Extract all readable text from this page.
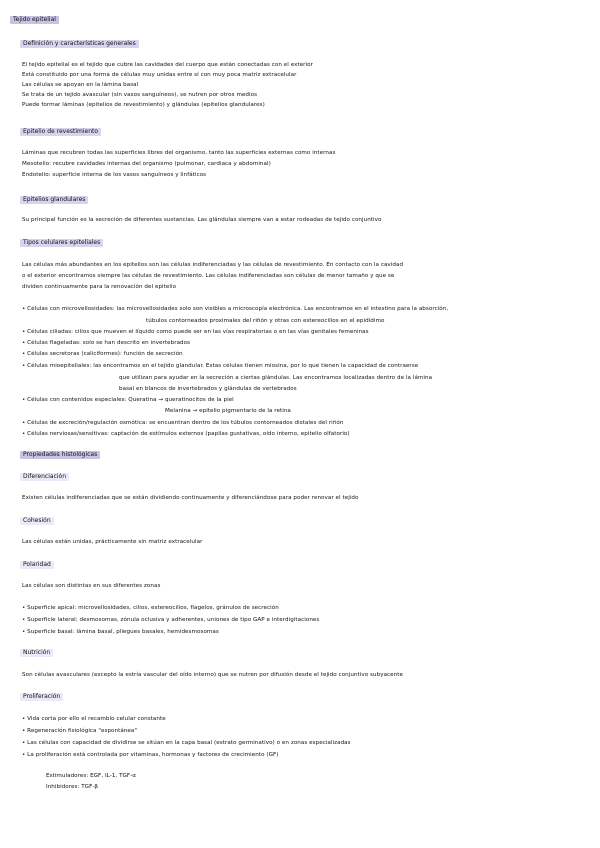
Tejido epitelial
Definición y características generales
El tejido epitelial es el tejido que cubre las cavidades del cuerpo que están conectadas con el exterior
Está constituido por una forma de células muy unidas entre sí con muy poca matriz extracelular
Las células se apoyan en la lámina basal
Se trata de un tejido avascular (sin vasos sanguíneos), se nutren por otros medios
Puede formar láminas (epitelios de revestimiento) y glándulas (epitelios glandulares)
Epitelio de revestimiento
Láminas que recubren todas las superficies libres del organismo, tanto las superficies externas como internas
Mesotelio: recubre cavidades internas del organismo (pulmonar, cardiaca y abdominal)
Endotelio: superficie interna de los vasos sanguíneos y linfáticos
Epitelios glandulares
Su principal función es la secreción de diferentes sustancias. Las glándulas siempre van a estar rodeadas de tejido conjuntivo
Tipos celulares epiteliales
Las células más abundantes en los epitelios son las células indiferenciadas y las células de revestimiento. En contacto con la cavidad
o el exterior encontramos siempre las células de revestimiento. Las células indiferenciadas son células de menor tamaño y que se
dividen continuamente para la renovación del epitelio
• Células con microvellosidades: las microvellosidades solo son visibles a microscopía electrónica. Las encontramos en el intestino para la absorción,
túbulos contorneados proximales del riñón y otras con estereocilios en el epidídimo
• Células ciliadas: cilios que mueven el líquido como puede ser en las vías respiratorias o en las vías genitales femeninas
• Células flageladas: solo se han descrito en invertebrados
• Células secretoras (caliciformes): función de secreción
• Células mioepiteliales: las encontramos en el tejido glandular. Estas células tienen miosina, por lo que tienen la capacidad de contraerse
que utilizan para ayudar en la secreción a ciertas glándulas. Las encontramos localizadas dentro de la lámina
basal en blancos de invertebrados y glándulas de vertebrados
• Células con contenidos especiales: Queratina → queratinocitos de la piel
Melanina → epitelio pigmentario de la retina
• Células de excreción/regulación osmótica: se encuentran dentro de los túbulos contorneados distales del riñón
• Células nerviosas/sensitivas: captación de estímulos externos (papilas gustativas, oído interno, epitelio olfatorio)
Propiedades histológicas
Diferenciación
Existen células indiferenciadas que se están dividiendo continuamente y diferenciándose para poder renovar el tejido
Cohesión
Las células están unidas, prácticamente sin matriz extracelular
Polaridad
Las células son distintas en sus diferentes zonas
• Superficie apical: microvellosidades, cilios, estereocilios, flagelos, gránulos de secreción
• Superficie lateral: desmosomas, zónula oclusiva y adherentes, uniones de tipo GAP e interdigitaciones
• Superficie basal: lámina basal, pliegues basales, hemidesmosomas
Nutrición
Son células avasculares (excepto la estría vascular del oído interno) que se nutren por difusión desde el tejido conjuntivo subyacente
Proliferación
• Vida corta por ello el recambio celular constante
• Regeneración fisiológica "espontánea"
• Las células con capacidad de dividirse se sitúan en la capa basal (estrato germinativo) o en zonas especializadas
• La proliferación está controlada por vitaminas, hormonas y factores de crecimiento (GF)
Estimuladores: EGF, IL-1, TGF-α
Inhibidores: TGF-β
